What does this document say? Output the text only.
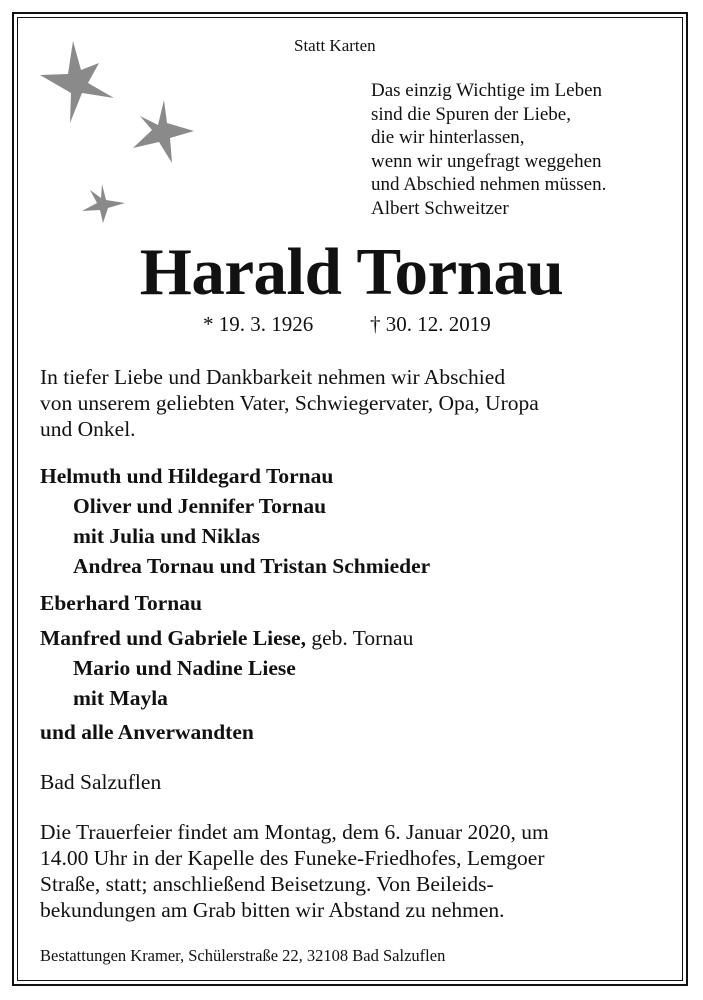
Statt Karten
Das einzig Wichtige im Leben
sind die Spuren der Liebe,
die wir hinterlassen,
wenn wir ungefragt weggehen
und Abschied nehmen müssen.
Albert Schweitzer
Harald Tornau
* 19. 3. 1926	† 30. 12. 2019
In tiefer Liebe und Dankbarkeit nehmen wir Abschied
von unserem geliebten Vater, Schwiegervater, Opa, Uropa
und Onkel.
Helmuth und Hildegard Tornau
Oliver und Jennifer Tornau
mit Julia und Niklas
Andrea Tornau und Tristan Schmieder
Eberhard Tornau
Manfred und Gabriele Liese, geb. Tornau
Mario und Nadine Liese
mit Mayla
und alle Anverwandten
Bad Salzuflen
Die Trauerfeier findet am Montag, dem 6. Januar 2020, um
14.00 Uhr in der Kapelle des Funeke-Friedhofes, Lemgoer
Straße, statt; anschließend Beisetzung. Von Beileids-
bekundungen am Grab bitten wir Abstand zu nehmen.
Bestattungen Kramer, Schülerstraße 22, 32108 Bad Salzuflen
